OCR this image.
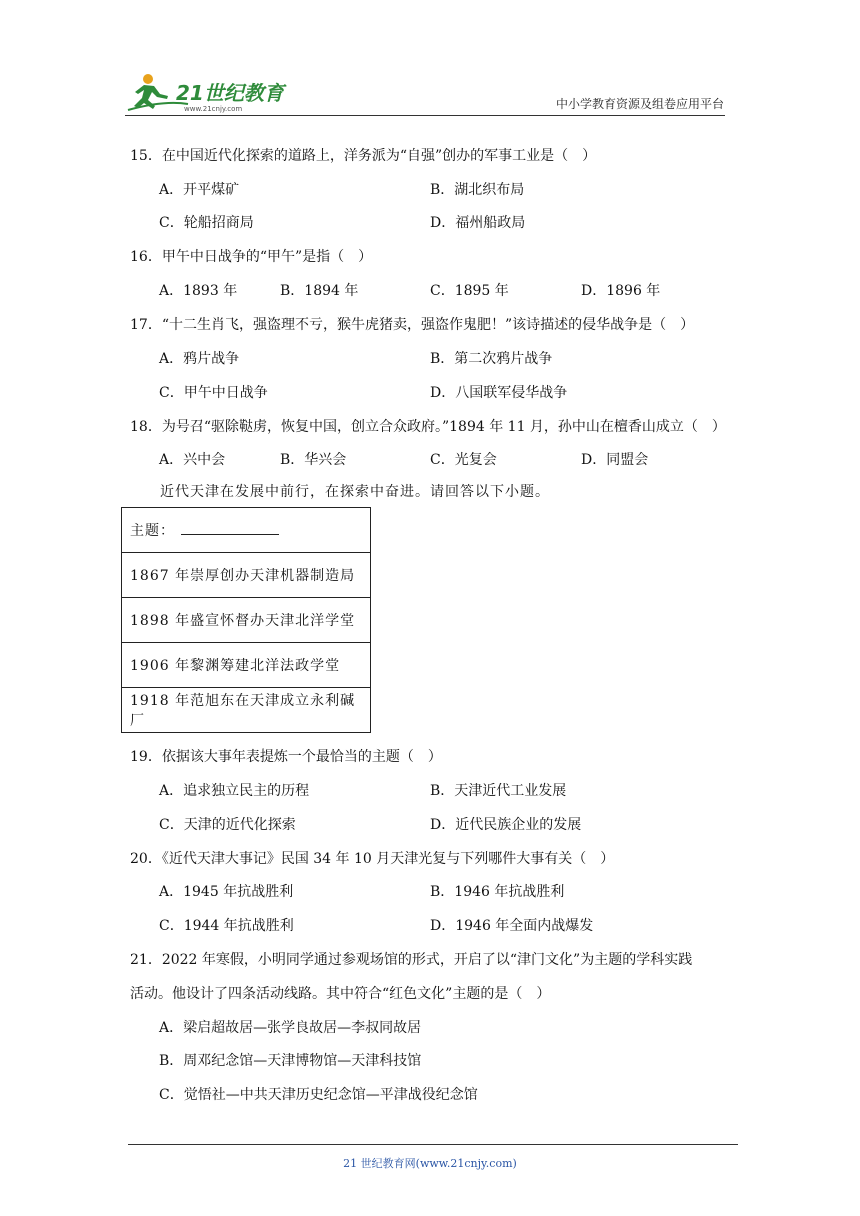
21世纪教育
www.21cnjy.com	中小学教育资源及组卷应用平台
15．在中国近代化探索的道路上，洋务派为“自强”创办的军事工业是（　）
A．开平煤矿	B．湖北织布局
C．轮船招商局	D．福州船政局
16．甲午中日战争的“甲午”是指（　）
A．1893 年	B．1894 年	C．1895 年	D．1896 年
17．“十二生肖飞，强盗理不亏，猴牛虎猪卖，强盗作鬼肥！”该诗描述的侵华战争是（　）
A．鸦片战争	B．第二次鸦片战争
C．甲午中日战争	D．八国联军侵华战争
18．为号召“驱除鞑虏，恢复中国，创立合众政府。”1894 年 11 月，孙中山在檀香山成立（　）
A．兴中会	B．华兴会	C．光复会	D．同盟会
近代天津在发展中前行，在探索中奋进。请回答以下小题。
主题：
1867 年崇厚创办天津机器制造局
1898 年盛宣怀督办天津北洋学堂
1906 年黎渊筹建北洋法政学堂
1918 年范旭东在天津成立永利碱厂
19．依据该大事年表提炼一个最恰当的主题（　）
A．追求独立民主的历程	B．天津近代工业发展
C．天津的近代化探索	D．近代民族企业的发展
20．《近代天津大事记》民国 34 年 10 月天津光复与下列哪件大事有关（　）
A．1945 年抗战胜利	B．1946 年抗战胜利
C．1944 年抗战胜利	D．1946 年全面内战爆发
21．2022 年寒假，小明同学通过参观场馆的形式，开启了以“津门文化”为主题的学科实践
活动。他设计了四条活动线路。其中符合“红色文化”主题的是（　）
A．梁启超故居—张学良故居—李叔同故居
B．周邓纪念馆—天津博物馆—天津科技馆
C．觉悟社—中共天津历史纪念馆—平津战役纪念馆
21 世纪教育网(www.21cnjy.com)
